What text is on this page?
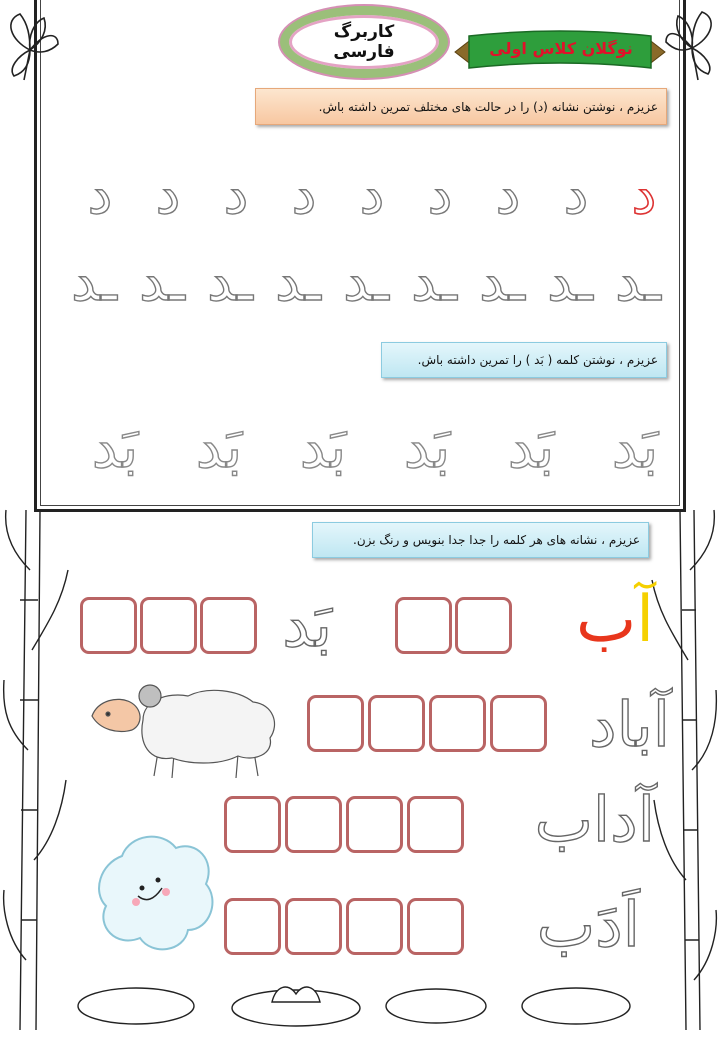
کاربرگ
فارسی	نوگلان کلاس اولی
عزیزم ، نوشتن نشانه (د) را در حالت های مختلف تمرین داشته باش.
د د د د د د د د د
ـد ـد ـد ـد ـد ـد ـد ـد ـد
عزیزم ، نوشتن کلمه ( بَد ) را تمرین داشته باش.
بَد بَد بَد بَد بَد بَد
عزیزم ، نشانه های هر کلمه را جدا جدا بنویس و رنگ بزن.
آب
بَد
آباد
آداب
اَدَب
